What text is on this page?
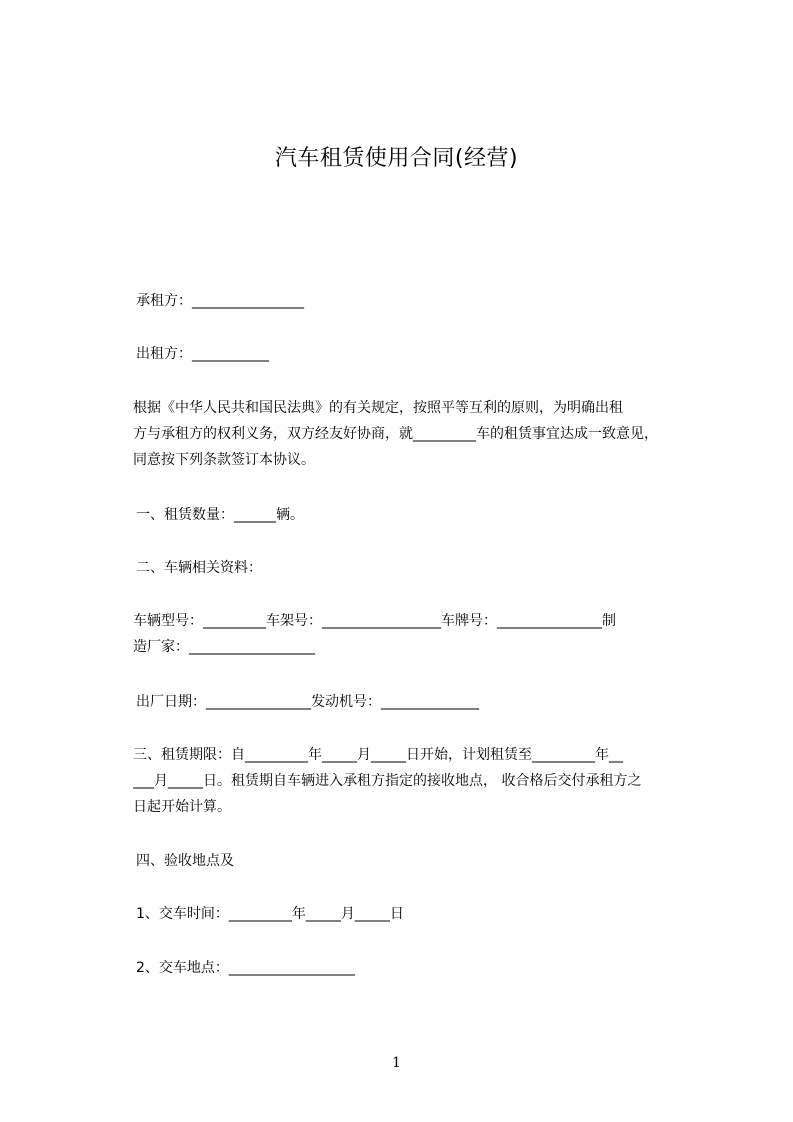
汽车租赁使用合同(经营)
承租方：________________
出租方：___________
根据《中华人民共和国民法典》的有关规定，按照平等互利的原则，为明确出租
方与承租方的权利义务，双方经友好协商，就_________车的租赁事宜达成一致意见，
同意按下列条款签订本协议。
一、租赁数量：______辆。
二、车辆相关资料：
车辆型号：_________车架号：_________________车牌号：_______________制
造厂家：__________________
出厂日期：_______________发动机号：______________
三、租赁期限：自_________年_____月_____日开始，计划租赁至_________年__
___月_____日。租赁期自车辆进入承租方指定的接收地点， 收合格后交付承租方之
日起开始计算。
四、验收地点及
1、交车时间：_________年_____月_____日
2、交车地点：__________________
1
